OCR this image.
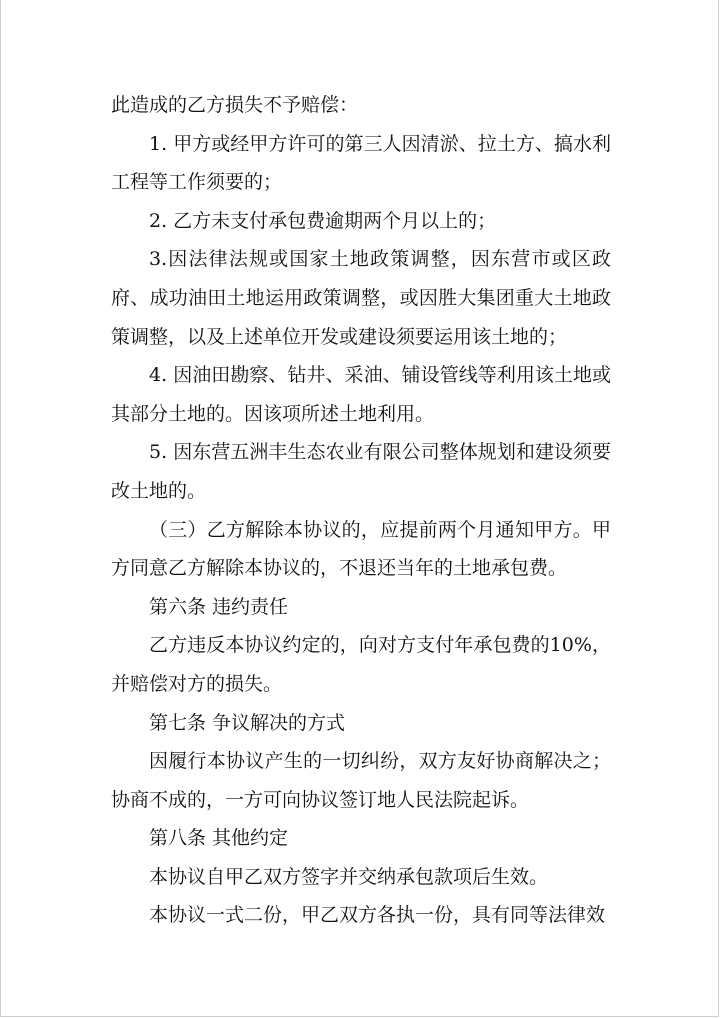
此造成的乙方损失不予赔偿：

1. 甲方或经甲方许可的第三人因清淤、拉土方、搞水利工程等工作须要的；

2. 乙方未支付承包费逾期两个月以上的；

3.因法律法规或国家土地政策调整，因东营市或区政府、成功油田土地运用政策调整，或因胜大集团重大土地政策调整，以及上述单位开发或建设须要运用该土地的；

4. 因油田勘察、钻井、采油、铺设管线等利用该土地或其部分土地的。因该项所述土地利用。

5. 因东营五洲丰生态农业有限公司整体规划和建设须要改土地的。

（三）乙方解除本协议的，应提前两个月通知甲方。甲方同意乙方解除本协议的，不退还当年的土地承包费。

第六条 违约责任

乙方违反本协议约定的，向对方支付年承包费的10%，并赔偿对方的损失。

第七条 争议解决的方式

因履行本协议产生的一切纠纷，双方友好协商解决之；协商不成的，一方可向协议签订地人民法院起诉。

第八条 其他约定

本协议自甲乙双方签字并交纳承包款项后生效。

本协议一式二份，甲乙双方各执一份，具有同等法律效
